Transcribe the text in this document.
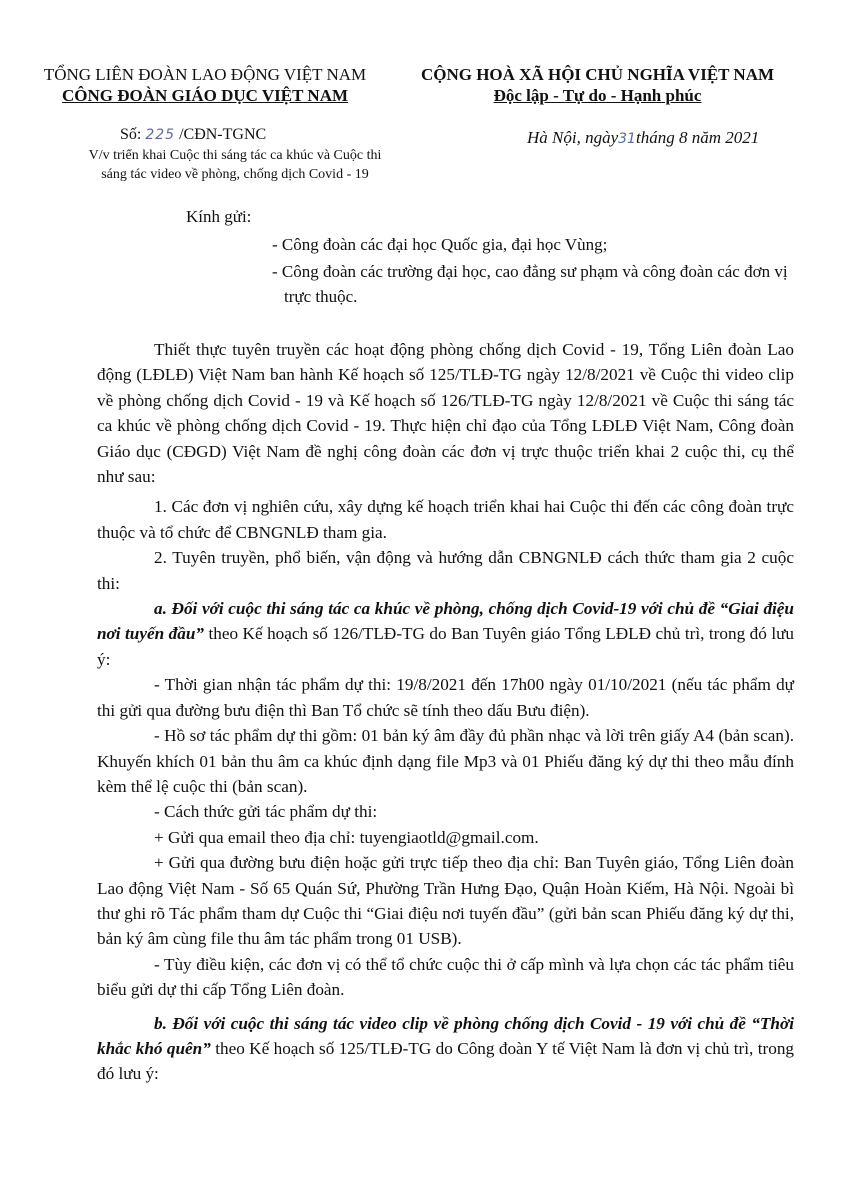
TỔNG LIÊN ĐOÀN LAO ĐỘNG VIỆT NAM
CÔNG ĐOÀN GIÁO DỤC VIỆT NAM
CỘNG HOÀ XÃ HỘI CHỦ NGHĨA VIỆT NAM
Độc lập - Tự do - Hạnh phúc
Số: 225 /CĐN-TGNC
V/v triển khai Cuộc thi sáng tác ca khúc và Cuộc thi
sáng tác video về phòng, chống dịch Covid - 19
Hà Nội, ngày31tháng 8 năm 2021
Kính gửi:
- Công đoàn các đại học Quốc gia, đại học Vùng;
- Công đoàn các trường đại học, cao đẳng sư phạm và công đoàn các đơn vị trực thuộc.

Thiết thực tuyên truyền các hoạt động phòng chống dịch Covid - 19, Tổng Liên đoàn Lao động (LĐLĐ) Việt Nam ban hành Kế hoạch số 125/TLĐ-TG ngày 12/8/2021 về Cuộc thi video clip về phòng chống dịch Covid - 19 và Kế hoạch số 126/TLĐ-TG ngày 12/8/2021 về Cuộc thi sáng tác ca khúc về phòng chống dịch Covid - 19. Thực hiện chỉ đạo của Tổng LĐLĐ Việt Nam, Công đoàn Giáo dục (CĐGD) Việt Nam đề nghị công đoàn các đơn vị trực thuộc triển khai 2 cuộc thi, cụ thể như sau:

1. Các đơn vị nghiên cứu, xây dựng kế hoạch triển khai hai Cuộc thi đến các công đoàn trực thuộc và tổ chức để CBNGNLĐ tham gia.

2. Tuyên truyền, phổ biến, vận động và hướng dẫn CBNGNLĐ cách thức tham gia 2 cuộc thi:

a. Đối với cuộc thi sáng tác ca khúc về phòng, chống dịch Covid-19 với chủ đề “Giai điệu nơi tuyến đầu” theo Kế hoạch số 126/TLĐ-TG do Ban Tuyên giáo Tổng LĐLĐ chủ trì, trong đó lưu ý:

- Thời gian nhận tác phẩm dự thi: 19/8/2021 đến 17h00 ngày 01/10/2021 (nếu tác phẩm dự thi gửi qua đường bưu điện thì Ban Tổ chức sẽ tính theo dấu Bưu điện).

- Hồ sơ tác phẩm dự thi gồm: 01 bản ký âm đầy đủ phần nhạc và lời trên giấy A4 (bản scan). Khuyến khích 01 bản thu âm ca khúc định dạng file Mp3 và 01 Phiếu đăng ký dự thi theo mẫu đính kèm thể lệ cuộc thi (bản scan).

- Cách thức gửi tác phẩm dự thi:

+ Gửi qua email theo địa chỉ: tuyengiaotld@gmail.com.

+ Gửi qua đường bưu điện hoặc gửi trực tiếp theo địa chỉ: Ban Tuyên giáo, Tổng Liên đoàn Lao động Việt Nam - Số 65 Quán Sứ, Phường Trần Hưng Đạo, Quận Hoàn Kiếm, Hà Nội. Ngoài bì thư ghi rõ Tác phẩm tham dự Cuộc thi “Giai điệu nơi tuyến đầu” (gửi bản scan Phiếu đăng ký dự thi, bản ký âm cùng file thu âm tác phẩm trong 01 USB).

- Tùy điều kiện, các đơn vị có thể tổ chức cuộc thi ở cấp mình và lựa chọn các tác phẩm tiêu biểu gửi dự thi cấp Tổng Liên đoàn.

b. Đối với cuộc thi sáng tác video clip về phòng chống dịch Covid - 19 với chủ đề “Thời khắc khó quên” theo Kế hoạch số 125/TLĐ-TG do Công đoàn Y tế Việt Nam là đơn vị chủ trì, trong đó lưu ý:
